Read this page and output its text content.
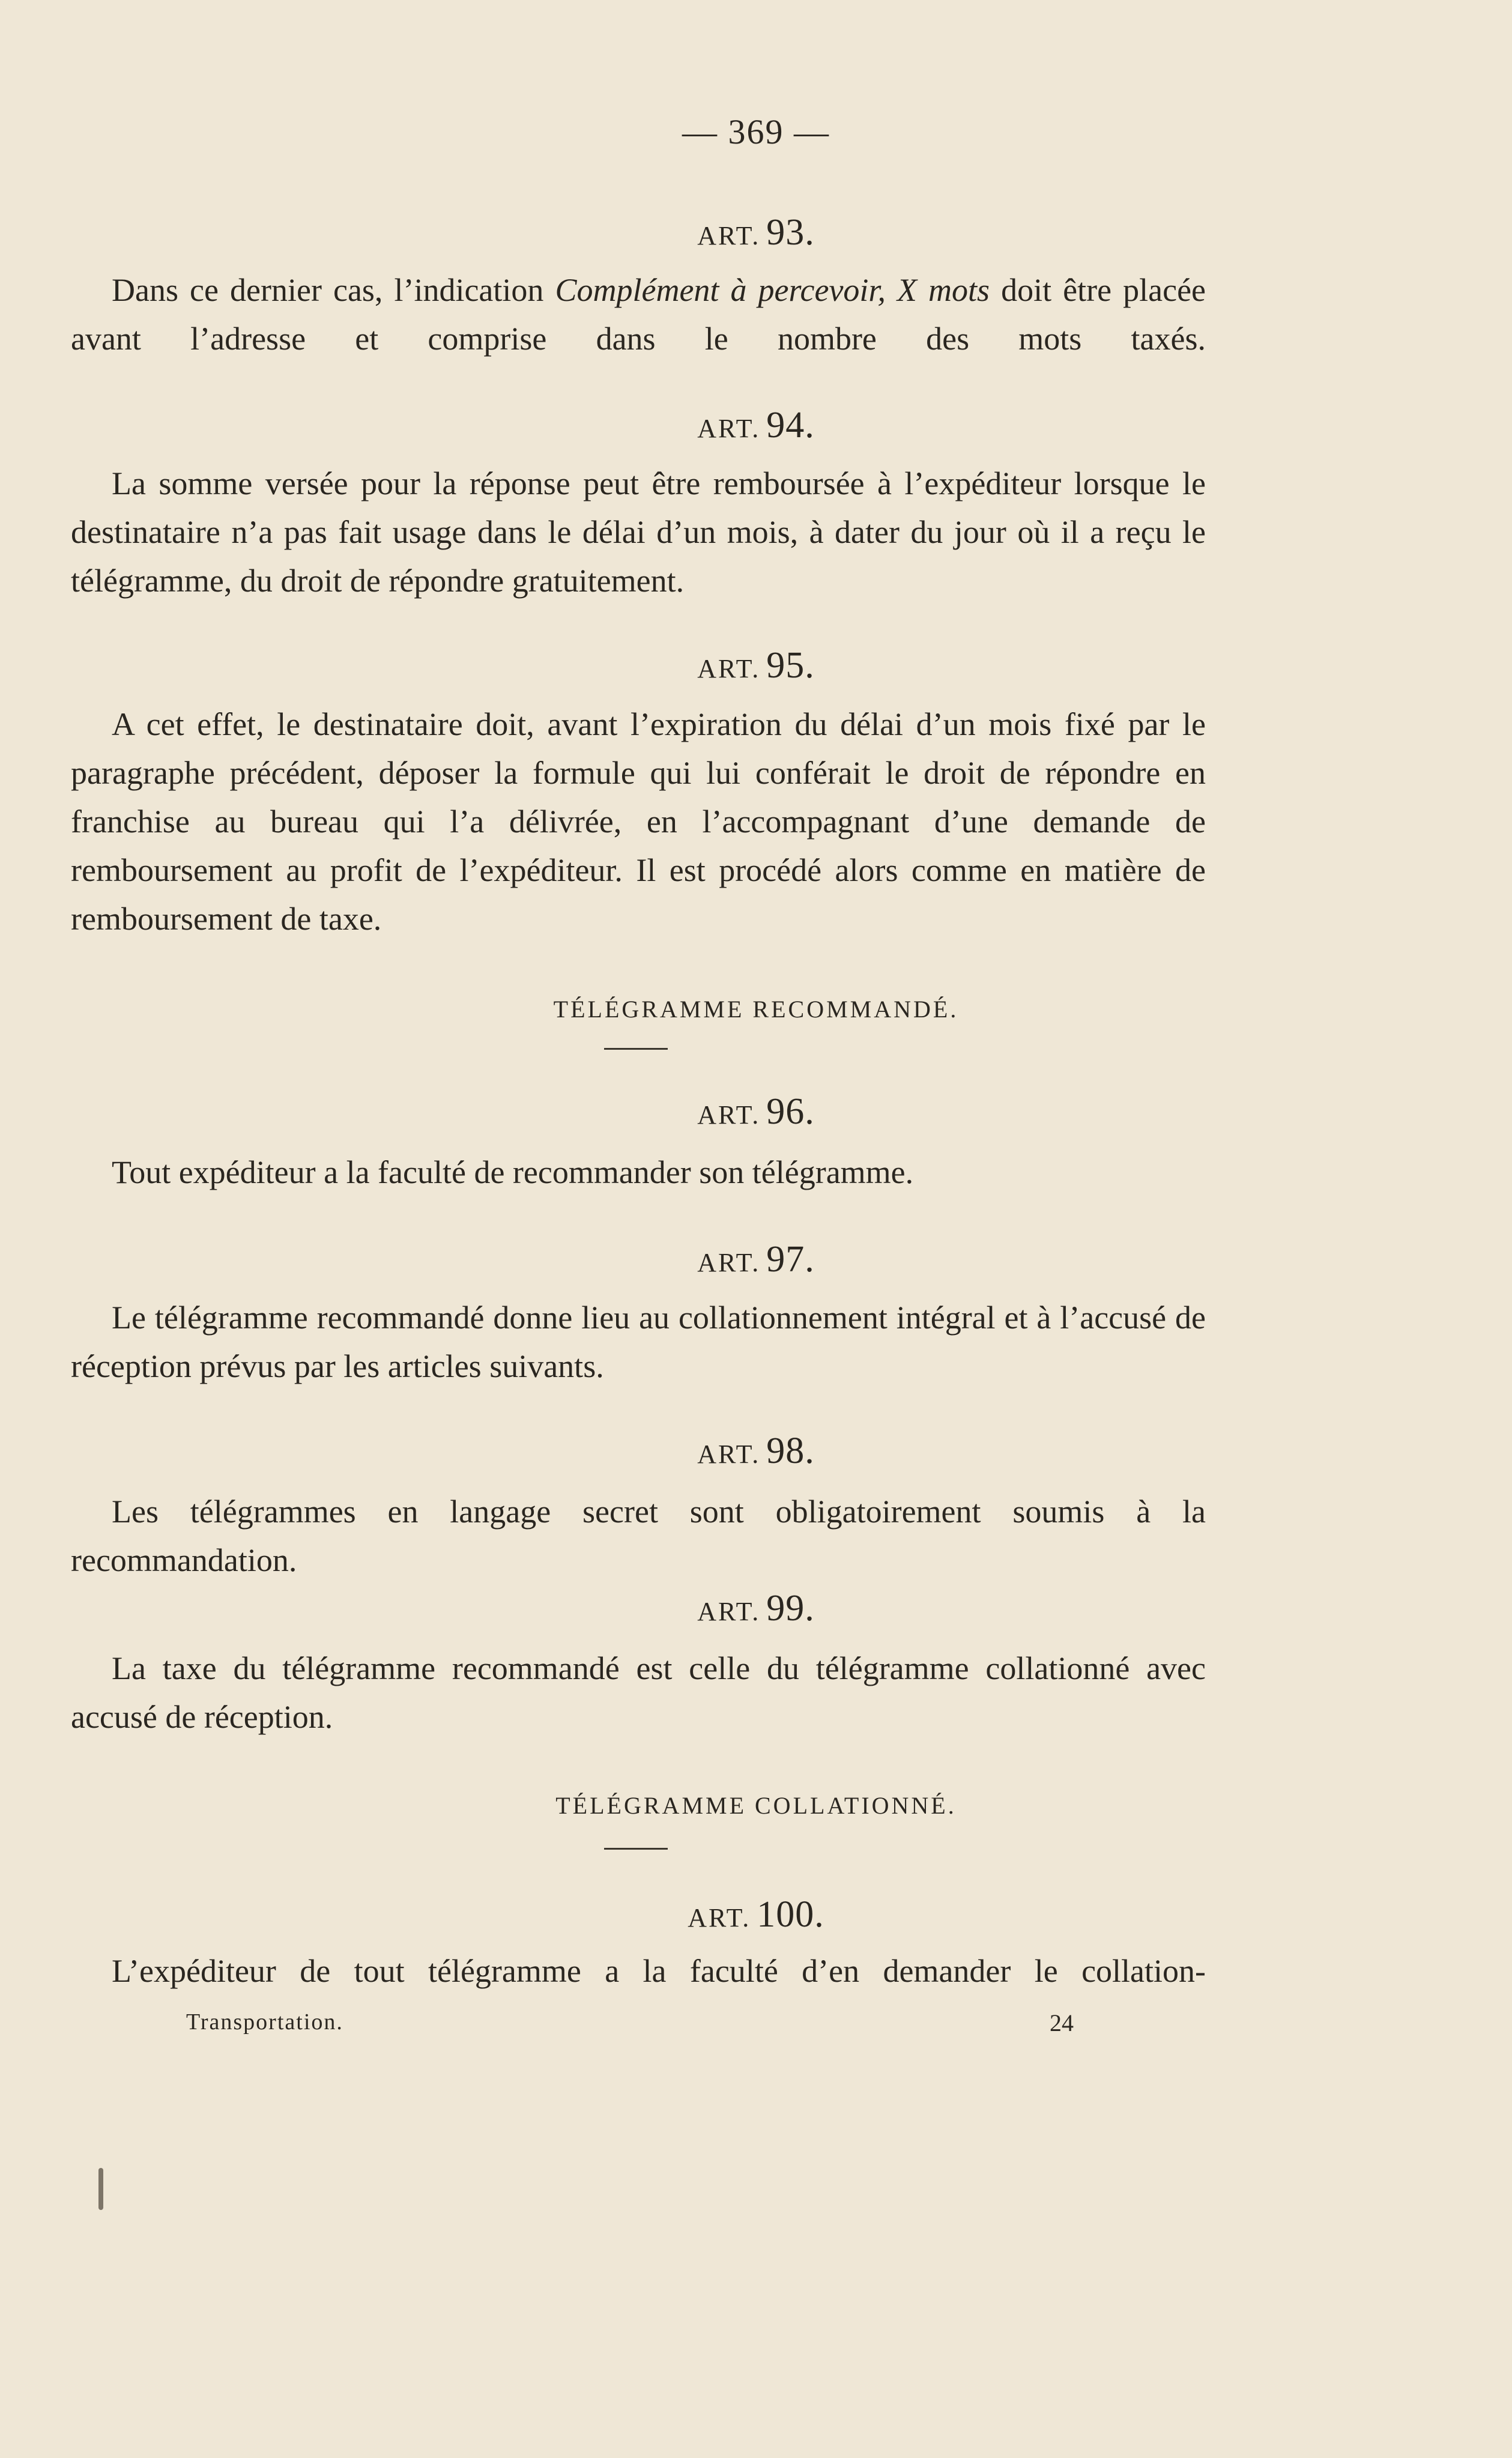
— 369 —
ART. 93.
Dans ce dernier cas, l’indication Complément à percevoir, X mots doit être placée avant l’adresse et comprise dans le nombre des mots taxés.
ART. 94.
La somme versée pour la réponse peut être remboursée à l’expéditeur lorsque le destinataire n’a pas fait usage dans le délai d’un mois, à dater du jour où il a reçu le télégramme, du droit de répondre gratuitement.
ART. 95.
A cet effet, le destinataire doit, avant l’expiration du délai d’un mois fixé par le paragraphe précédent, déposer la formule qui lui conférait le droit de répondre en franchise au bureau qui l’a délivrée, en l’accompagnant d’une demande de remboursement au profit de l’expéditeur. Il est procédé alors comme en matière de remboursement de taxe.
TÉLÉGRAMME RECOMMANDÉ.
ART. 96.
Tout expéditeur a la faculté de recommander son télégramme.
ART. 97.
Le télégramme recommandé donne lieu au collationnement intégral et à l’accusé de réception prévus par les articles suivants.
ART. 98.
Les télégrammes en langage secret sont obligatoirement soumis à la recommandation.
ART. 99.
La taxe du télégramme recommandé est celle du télégramme collationné avec accusé de réception.
TÉLÉGRAMME COLLATIONNÉ.
ART. 100.
L’expéditeur de tout télégramme a la faculté d’en demander le collation-
Transportation.	24
